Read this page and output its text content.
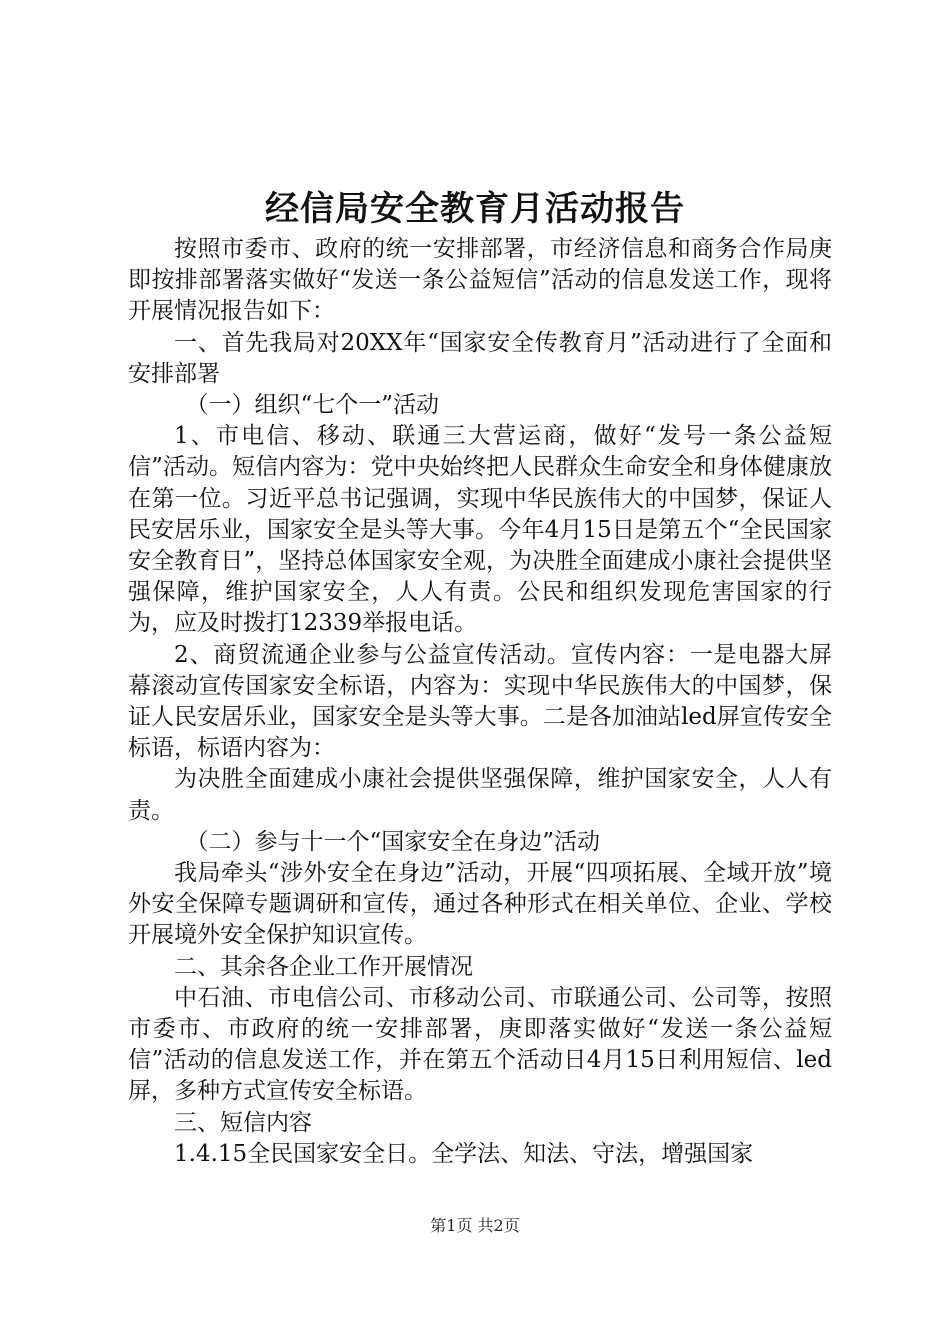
经信局安全教育月活动报告

按照市委市、政府的统一安排部署，市经济信息和商务合作局庚即按排部署落实做好“发送一条公益短信”活动的信息发送工作，现将开展情况报告如下：

一、首先我局对20XX年“国家安全传教育月”活动进行了全面和安排部署

（一）组织“七个一”活动

1、市电信、移动、联通三大营运商，做好“发号一条公益短信”活动。短信内容为：党中央始终把人民群众生命安全和身体健康放在第一位。习近平总书记强调，实现中华民族伟大的中国梦，保证人民安居乐业，国家安全是头等大事。今年4月15日是第五个“全民国家安全教育日”，坚持总体国家安全观，为决胜全面建成小康社会提供坚强保障，维护国家安全，人人有责。公民和组织发现危害国家的行为，应及时拨打12339举报电话。

2、商贸流通企业参与公益宣传活动。宣传内容：一是电器大屏幕滚动宣传国家安全标语，内容为：实现中华民族伟大的中国梦，保证人民安居乐业，国家安全是头等大事。二是各加油站led屏宣传安全标语，标语内容为：

为决胜全面建成小康社会提供坚强保障，维护国家安全，人人有责。

（二）参与十一个“国家安全在身边”活动

我局牵头“涉外安全在身边”活动，开展“四项拓展、全域开放”境外安全保障专题调研和宣传，通过各种形式在相关单位、企业、学校开展境外安全保护知识宣传。

二、其余各企业工作开展情况

中石油、市电信公司、市移动公司、市联通公司、公司等，按照市委市、市政府的统一安排部署，庚即落实做好“发送一条公益短信”活动的信息发送工作，并在第五个活动日4月15日利用短信、led屏，多种方式宣传安全标语。

三、短信内容

1.4.15全民国家安全日。全学法、知法、守法，增强国家

第1页 共2页
